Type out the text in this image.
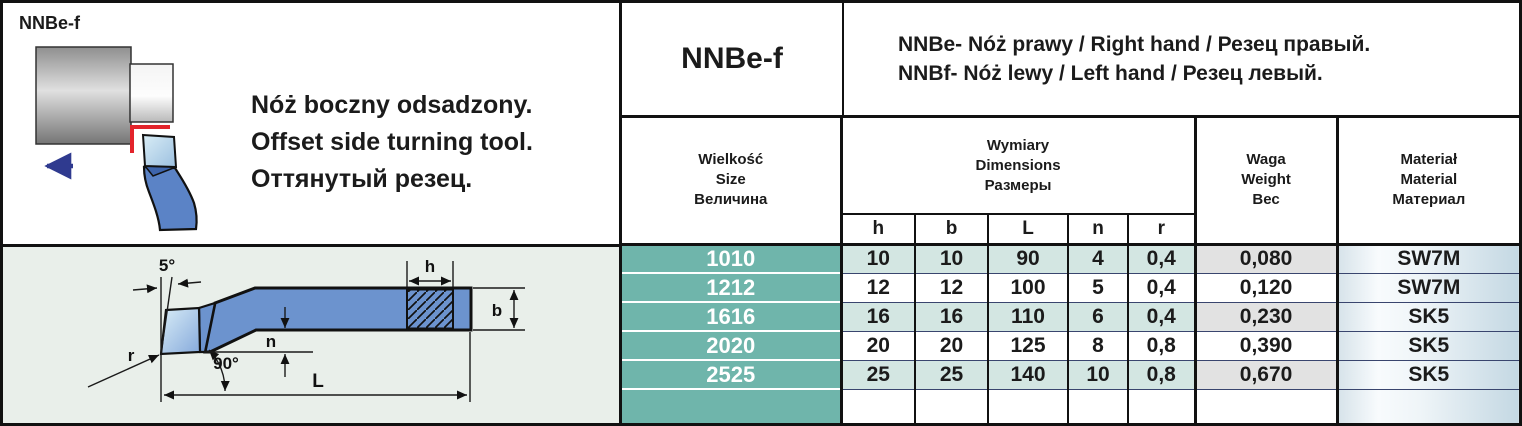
NNBe-f
Nóż boczny odsadzony.
Offset side turning tool.
Оттянутый резец.
5°
r	90°
n
h
b
L
NNBe-f	NNBe- Nóż prawy / Right hand / Резец правый.
NNBf- Nóż lewy / Left hand / Резец левый.
Wielkość
Size
Величина

Wymiary
Dimensions
Размеры

Waga
Weight
Вес

Materiał
Material
Материал

	h	b	L	n	r		
1010	10	10	90	4	0,4	0,080	SW7M
1212	12	12	100	5	0,4	0,120	SW7M
1616	16	16	110	6	0,4	0,230	SK5
2020	20	20	125	8	0,8	0,390	SK5
2525	25	25	140	10	0,8	0,670	SK5
